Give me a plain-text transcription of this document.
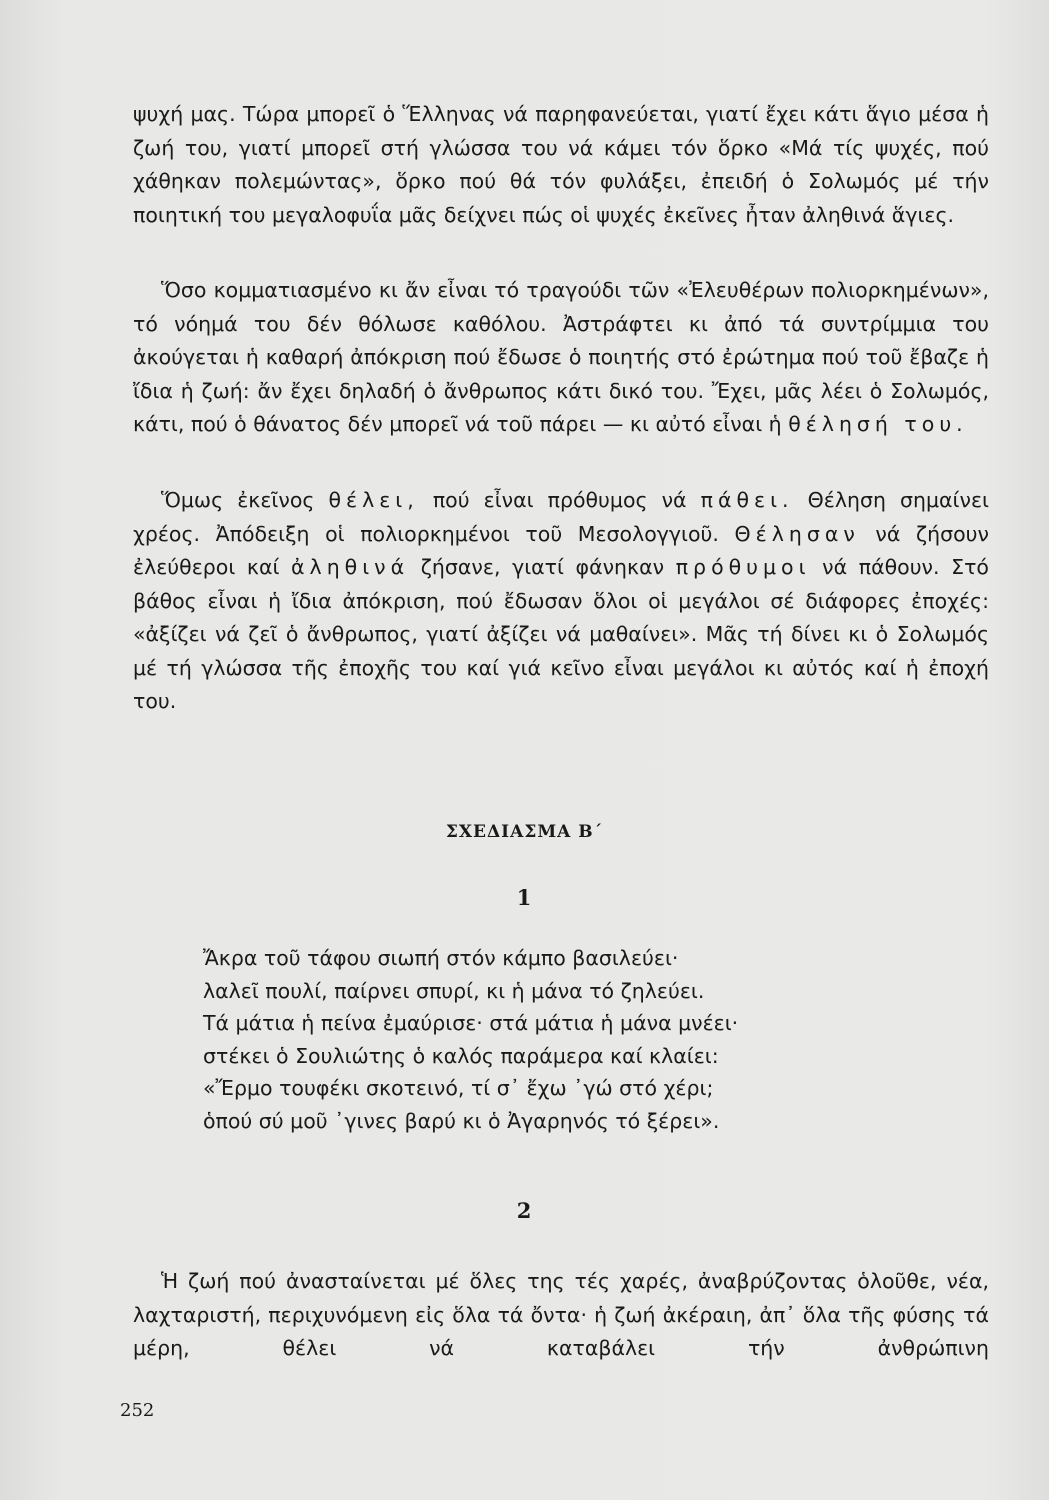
ψυχή μας. Τώρα μπορεῖ ὁ Ἕλληνας νά παρηφανεύεται, γιατί ἔχει κάτι ἅγιο μέσα ἡ ζωή του, γιατί μπορεῖ στή γλώσσα του νά κάμει τόν ὅρκο «Μά τίς ψυχές, πού χάθηκαν πολεμώντας», ὅρκο πού θά τόν φυλάξει, ἐπειδή ὁ Σολωμός μέ τήν ποιητική του μεγαλοφυΐα μᾶς δείχνει πώς οἱ ψυχές ἐκεῖνες ἦταν ἀληθινά ἅγιες.

Ὅσο κομματιασμένο κι ἄν εἶναι τό τραγούδι τῶν «Ἐλευθέρων πολιορκημένων», τό νόημά του δέν θόλωσε καθόλου. Ἀστράφτει κι ἀπό τά συντρίμμια του ἀκούγεται ἡ καθαρή ἀπόκριση πού ἔδωσε ὁ ποιητής στό ἐρώτημα πού τοῦ ἔβαζε ἡ ἴδια ἡ ζωή: ἄν ἔχει δηλαδή ὁ ἄνθρωπος κάτι δικό του. Ἔχει, μᾶς λέει ὁ Σολωμός, κάτι, πού ὁ θάνατος δέν μπορεῖ νά τοῦ πάρει — κι αὐτό εἶναι ἡ θέλησή του.

Ὅμως ἐκεῖνος θέλει, πού εἶναι πρόθυμος νά πάθει. Θέληση σημαίνει χρέος. Ἀπόδειξη οἱ πολιορκημένοι τοῦ Μεσολογγιοῦ. Θέλησαν νά ζήσουν ἐλεύθεροι καί ἀληθινά ζήσανε, γιατί φάνηκαν πρόθυμοι νά πάθουν. Στό βάθος εἶναι ἡ ἴδια ἀπόκριση, πού ἔδωσαν ὅλοι οἱ μεγάλοι σέ διάφορες ἐποχές: «ἀξίζει νά ζεῖ ὁ ἄνθρωπος, γιατί ἀξίζει νά μαθαίνει». Μᾶς τή δίνει κι ὁ Σολωμός μέ τή γλώσσα τῆς ἐποχῆς του καί γιά κεῖνο εἶναι μεγάλοι κι αὐτός καί ἡ ἐποχή του.

ΣΧΕΔΙΑΣΜΑ Β΄
1
Ἄκρα τοῦ τάφου σιωπή στόν κάμπο βασιλεύει·
λαλεῖ πουλί, παίρνει σπυρί, κι ἡ μάνα τό ζηλεύει.
Τά μάτια ἡ πείνα ἐμαύρισε· στά μάτια ἡ μάνα μνέει·
στέκει ὁ Σουλιώτης ὁ καλός παράμερα καί κλαίει:
«Ἔρμο τουφέκι σκοτεινό, τί σ᾽ ἔχω ᾽γώ στό χέρι;
ὁπού σύ μοῦ ᾽γινες βαρύ κι ὁ Ἀγαρηνός τό ξέρει».
2

Ἡ ζωή πού ἀνασταίνεται μέ ὅλες της τές χαρές, ἀναβρύζοντας ὁλοῦθε, νέα, λαχταριστή, περιχυνόμενη εἰς ὅλα τά ὄντα· ἡ ζωή ἀκέραιη, ἀπ᾽ ὅλα τῆς φύσης τά μέρη, θέλει νά καταβάλει τήν ἀνθρώπινη

252
